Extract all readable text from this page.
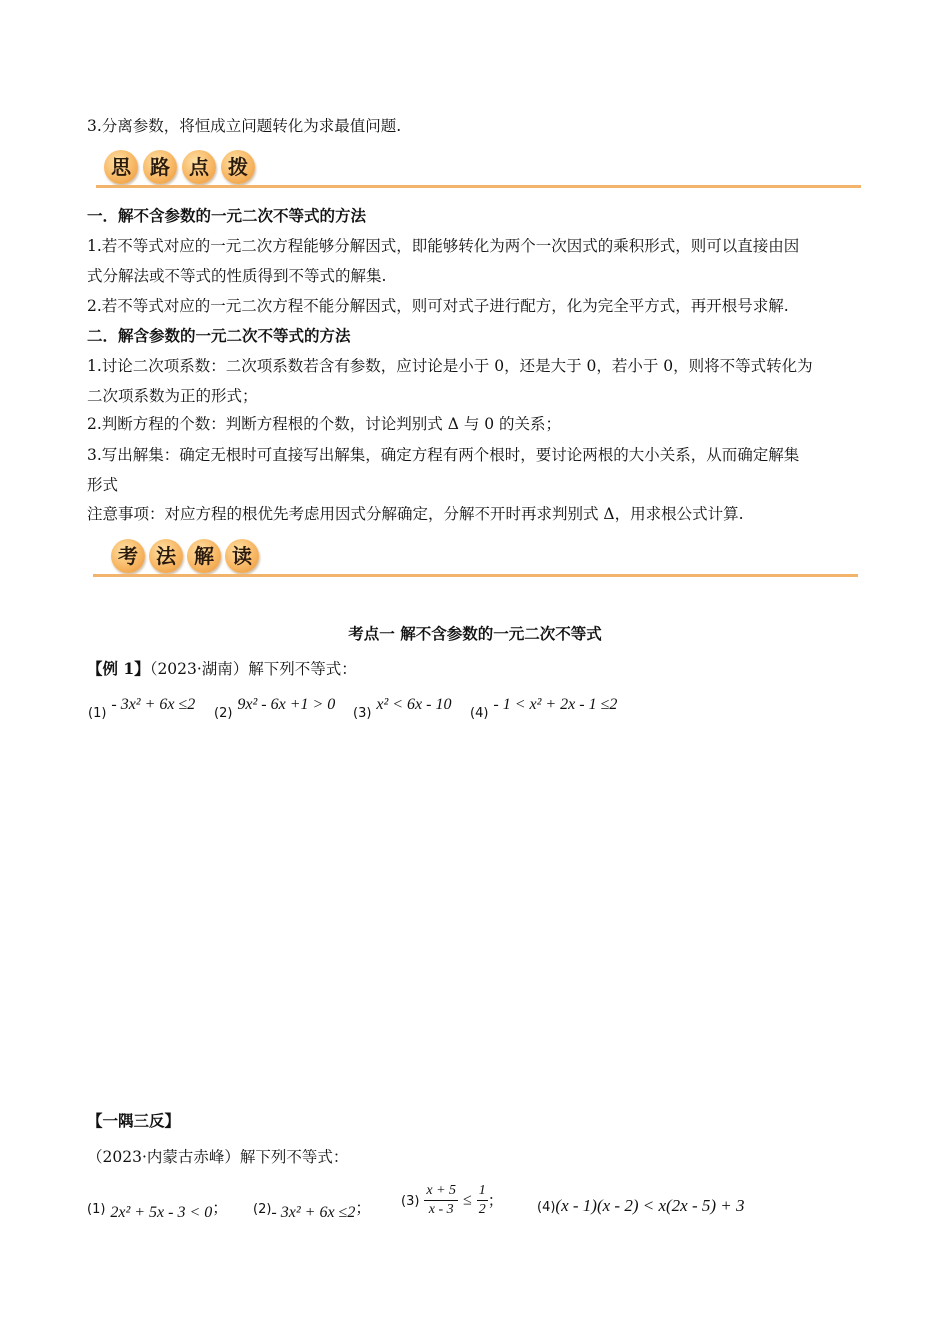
3.分离参数，将恒成立问题转化为求最值问题.
思 路 点 拨
一．解不含参数的一元二次不等式的方法
1.若不等式对应的一元二次方程能够分解因式，即能够转化为两个一次因式的乘积形式，则可以直接由因
式分解法或不等式的性质得到不等式的解集.
2.若不等式对应的一元二次方程不能分解因式，则可对式子进行配方，化为完全平方式，再开根号求解.
二．解含参数的一元二次不等式的方法
1.讨论二次项系数：二次项系数若含有参数，应讨论是小于 0，还是大于 0，若小于 0，则将不等式转化为
二次项系数为正的形式；
2.判断方程的个数：判断方程根的个数，讨论判别式 Δ 与 0 的关系；
3.写出解集：确定无根时可直接写出解集，确定方程有两个根时，要讨论两根的大小关系，从而确定解集
形式
注意事项：对应方程的根优先考虑用因式分解确定，分解不开时再求判别式 Δ，用求根公式计算.
考 法 解 读
考点一 解不含参数的一元二次不等式
【例 1】（2023·湖南）解下列不等式：
$_{(1)}$ - 3x² + 6x ≤2
$_{(2)}$ 9x² - 6x +1 > 0
$_{(3)}$ x² < 6x - 10
$_{(4)}$ - 1 < x² + 2x - 1 ≤2
【一隅三反】
（2023·内蒙古赤峰）解下列不等式：
(1) 2x² + 5x - 3 < 0； (2)- 3x² + 6x ≤2； $(3) \frac{x + 5}{x - 3} \le \frac{1}{2}$ ；	(4)(x - 1)(x - 2) < x(2x - 5) + 3
